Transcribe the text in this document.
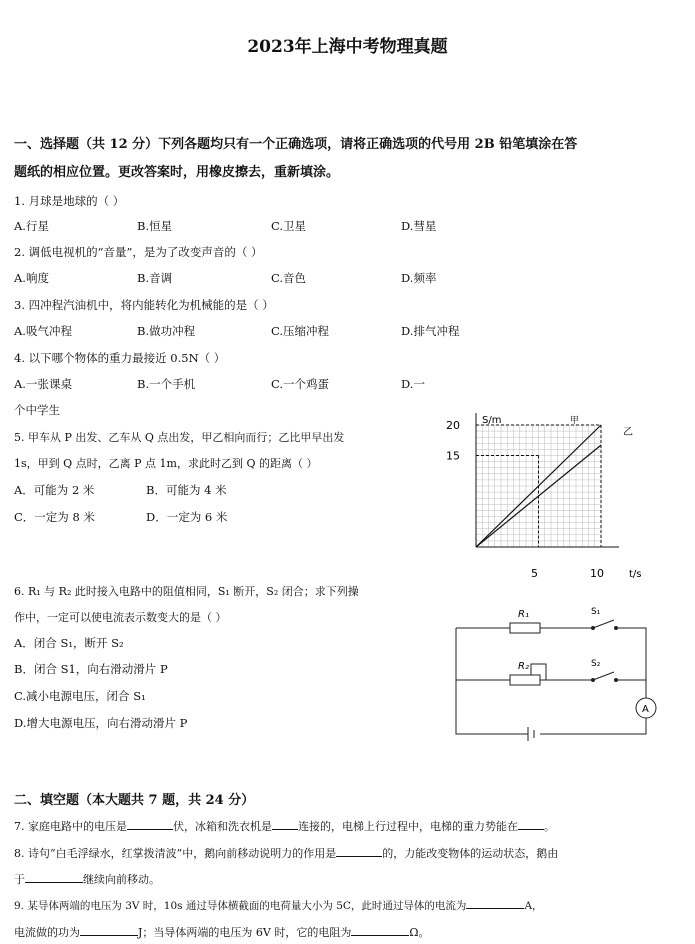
2023年上海中考物理真题
一、选择题（共 12 分）下列各题均只有一个正确选项，请将正确选项的代号用 2B 铅笔填涂在答
题纸的相应位置。更改答案时，用橡皮擦去，重新填涂。
1. 月球是地球的（ ）
A.行星	B.恒星	C.卫星	D.彗星
2. 调低电视机的“音量”，是为了改变声音的（ ）
A.响度	B.音调	C.音色	D.频率
3. 四冲程汽油机中，将内能转化为机械能的是（ ）
A.吸气冲程	B.做功冲程	C.压缩冲程	D.排气冲程
4. 以下哪个物体的重力最接近 0.5N（ ）
A.一张课桌	B.一个手机	C.一个鸡蛋	D.一
个中学生
5. 甲车从 P 出发、乙车从 Q 点出发，甲乙相向而行；乙比甲早出发
1s，甲到 Q 点时，乙离 P 点 1m，求此时乙到 Q 的距离（ ）
A．可能为 2 米	B．可能为 4 米
C．一定为 8 米	D．一定为 6 米
甲
乙
S/m
t/s
20
15
5	10
6. R₁ 与 R₂ 此时接入电路中的阻值相同，S₁ 断开，S₂ 闭合；求下列操
作中，一定可以使电流表示数变大的是（ ）
A．闭合 S₁，断开 S₂
B．闭合 S1，向右滑动滑片 P
C.减小电源电压，闭合 S₁
D.增大电源电压，向右滑动滑片 P
R₁
R₂
S₁
S₂
A
二、填空题（本大题共 7 题，共 24 分）
7. 家庭电路中的电压是	伏，冰箱和洗衣机是 连接的，电梯上行过程中，电梯的重力势能在 。
8. 诗句“白毛浮绿水，红掌拨清波”中，鹅向前移动说明力的作用是	的，力能改变物体的运动状态，鹅由
于	继续向前移动。
9. 某导体两端的电压为 3V 时，10s 通过导体横截面的电荷量大小为 5C，此时通过导体的电流为	A，
电流做的功为	J；当导体两端的电压为 6V 时，它的电阻为	Ω。
